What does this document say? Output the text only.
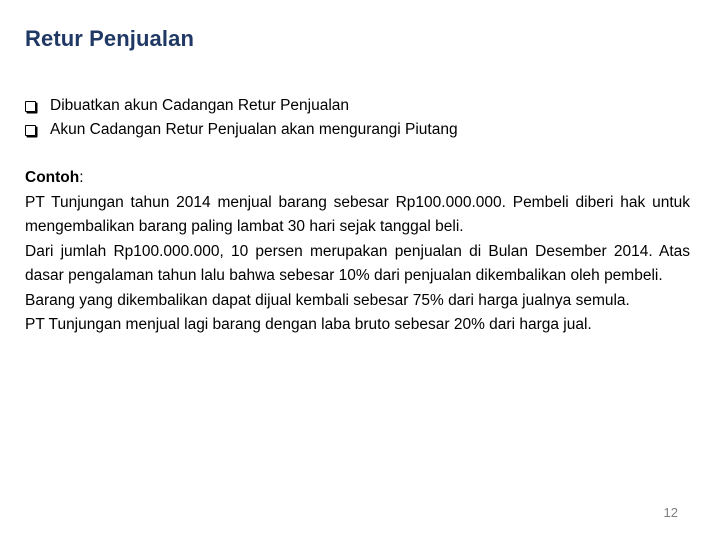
Retur Penjualan
Dibuatkan akun Cadangan Retur Penjualan
Akun Cadangan Retur Penjualan akan mengurangi Piutang

Contoh:

PT Tunjungan tahun 2014 menjual barang sebesar Rp100.000.000. Pembeli diberi hak untuk mengembalikan barang paling lambat 30 hari sejak tanggal beli.

Dari jumlah Rp100.000.000, 10 persen merupakan penjualan di Bulan Desember 2014. Atas dasar pengalaman tahun lalu bahwa sebesar 10% dari penjualan dikembalikan oleh pembeli.

Barang yang dikembalikan dapat dijual kembali sebesar 75% dari harga jualnya semula.

PT Tunjungan menjual lagi barang dengan laba bruto sebesar 20% dari harga jual.

12
